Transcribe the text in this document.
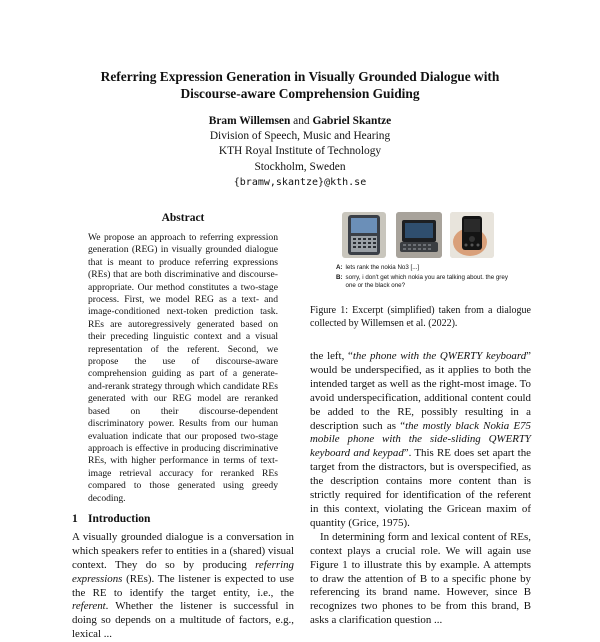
Referring Expression Generation in Visually Grounded Dialogue with
Discourse-aware Comprehension Guiding
Bram Willemsen and Gabriel Skantze
Division of Speech, Music and Hearing
KTH Royal Institute of Technology
Stockholm, Sweden
{bramw,skantze}@kth.se
Abstract

We propose an approach to referring expression generation (REG) in visually grounded dialogue that is meant to produce referring expressions (REs) that are both discriminative and discourse-appropriate. Our method constitutes a two-stage process. First, we model REG as a text- and image-conditioned next-token prediction task. REs are autoregressively generated based on their preceding linguistic context and a visual representation of the referent. Second, we propose the use of discourse-aware comprehension guiding as part of a generate-and-rerank strategy through which candidate REs generated with our REG model are reranked based on their discourse-dependent discriminatory power. Results from our human evaluation indicate that our proposed two-stage approach is effective in producing discriminative REs, with higher performance in terms of text-image retrieval accuracy for reranked REs compared to those generated using greedy decoding.

1 Introduction

A visually grounded dialogue is a conversation in which speakers refer to entities in a (shared) visual context. They do so by producing referring expressions (REs). The listener is expected to use the RE to identify the target entity, i.e., the referent. Whether the listener is successful in doing so depends on a multitude of factors, e.g., lexical ...

A: lets rank the nokia No3 [...]
B: sorry, i don't get which nokia you are talking about. the grey one or the black one?

Figure 1: Excerpt (simplified) taken from a dialogue collected by Willemsen et al. (2022).

the left, “the phone with the QWERTY keyboard” would be underspecified, as it applies to both the intended target as well as the right-most image. To avoid underspecification, additional content could be added to the RE, possibly resulting in a description such as “the mostly black Nokia E75 mobile phone with the side-sliding QWERTY keyboard and keypad”. This RE does set apart the target from the distractors, but is overspecified, as the description contains more content than is strictly required for identification of the referent in this context, violating the Gricean maxim of quantity (Grice, 1975).

In determining form and lexical content of REs, context plays a crucial role. We will again use Figure 1 to illustrate this by example. A attempts to draw the attention of B to a specific phone by referencing its brand name. However, since B recognizes two phones to be from this brand, B asks a clarification question ...
